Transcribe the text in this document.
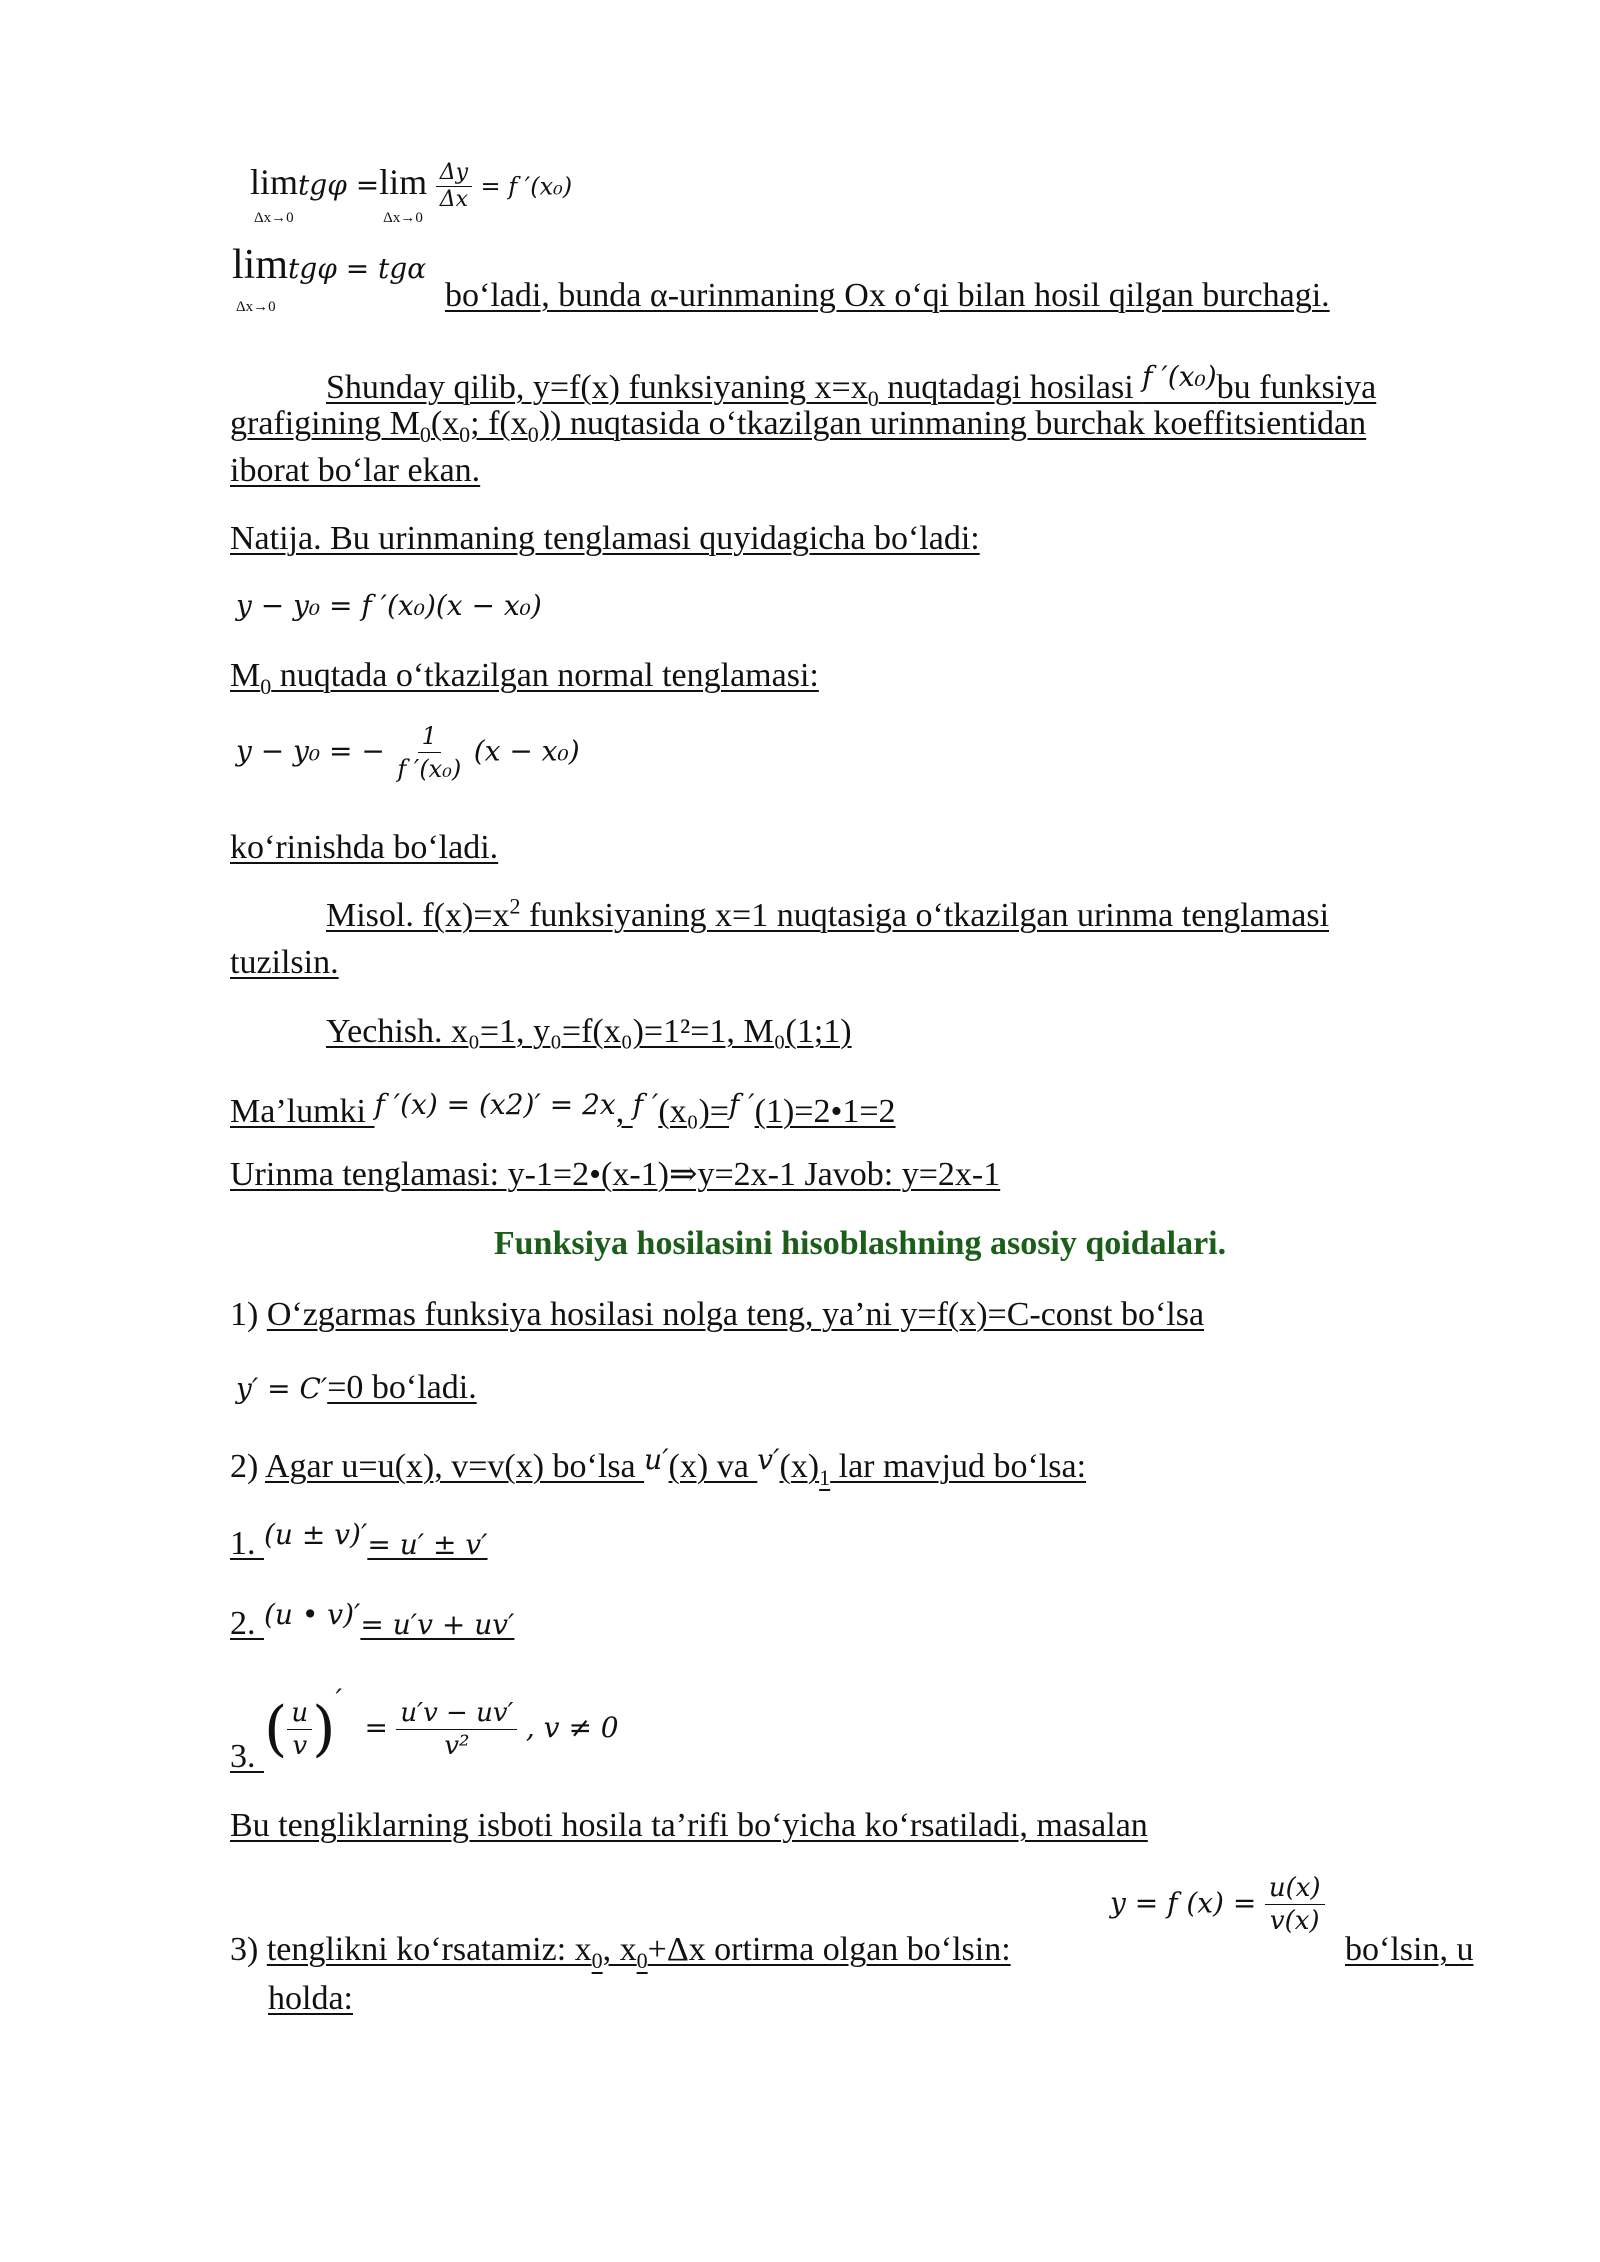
lim
Δx→0
tgφ =lim
Δx→0

$\frac{\Delta y}{\Delta x} = f$ ′(x₀)
lim
Δx→0
tgφ = tgα
bo‘ladi, bunda α-urinmaning Ox o‘qi bilan hosil qilgan burchagi.
Shunday qilib, y=f(x) funksiyaning $x=x_0$ nuqtadagi hosilasi $^{f '(x_0)}$bu funksiya
grafigining $M_0(x_0$; $f(x_0)$) nuqtasida o‘tkazilgan urinmaning burchak koeffitsientidan
iborat bo‘lar ekan.
Natija. Bu urinmaning tenglamasi quyidagicha bo‘ladi:
y − y₀ = f ′(x₀)(x − x₀)
$M_0$ nuqtada o‘tkazilgan normal tenglamasi:
y − y₀ = − $\frac{1}{\text{f ′(x₀)}} (x - x_0)$
ko‘rinishda bo‘ladi.
Misol. $f(x)=x^2$ funksiyaning x=1 nuqtasiga o‘tkazilgan urinma tenglamasi
tuzilsin.
Yechish. x₀=1, y₀=f(x₀)=1²=1, M₀(1;1)
Ma’lumki $^{f '(x) = (x2)' = 2x}$, $^{f '}$(x₀)=$^{f '}$(1)=2•1=2
Urinma tenglamasi: y-1=2•(x-1)⇒y=2x-1 Javob: y=2x-1
Funksiya hosilasini hisoblashning asosiy qoidalari.
1) O‘zgarmas funksiya hosilasi nolga teng, ya’ni y=f(x)=C-const bo‘lsa
y′ = C′=0 bo‘ladi.
2) Agar u=u(x), v=v(x) bo‘lsa $^{u'}$(x) va $^{v'}(x)_1$ lar mavjud bo‘lsa:
1. $^{(u \pm v)'}$= u′ ± v′
2. $^{(u • v)'}$= u′v + uv′
3. ( $\frac{u}{v} )' = \frac{u'v - uv'}{\text{v²}}$ , v ≠ 0
Bu tengliklarning isboti hosila ta’rifi bo‘yicha ko‘rsatiladi, masalan
y = f $(x) = \frac{u(x)}{v(x)}$
3) tenglikni ko‘rsatamiz: $x_0$, $x_0+\Delta x$ ortirma olgan bo‘lsin:	bo‘lsin, u
holda:
